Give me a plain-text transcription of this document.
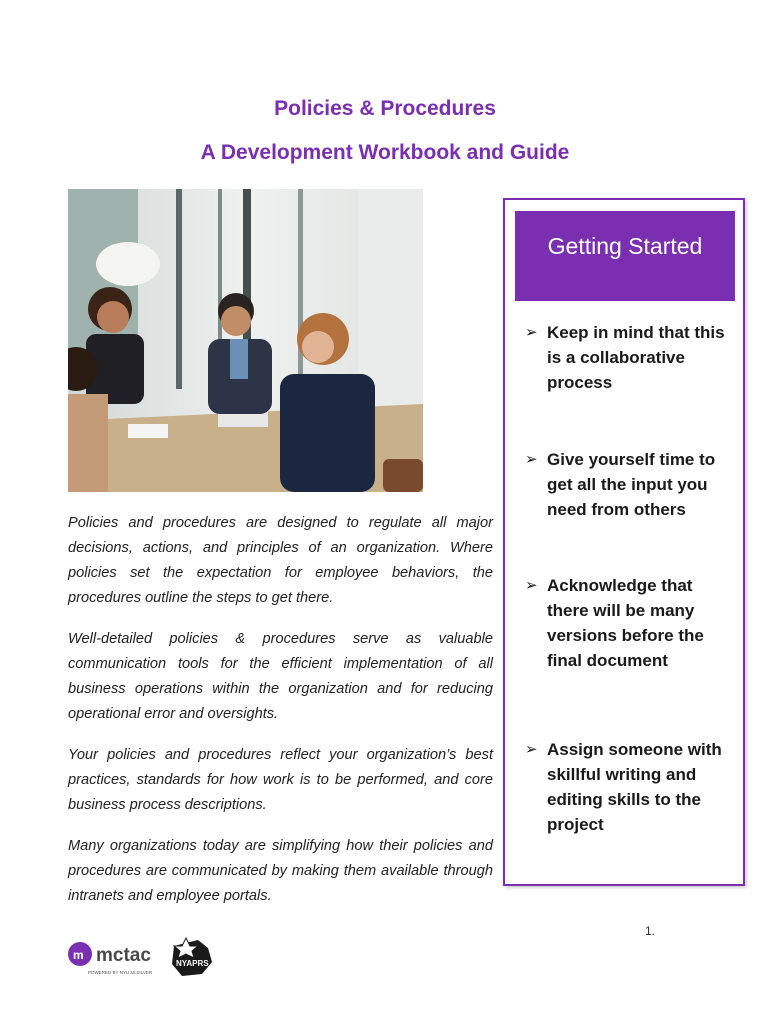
Policies & Procedures
A Development Workbook and Guide
Policies and procedures are designed to regulate all major decisions, actions, and principles of an organization. Where policies set the expectation for employee behaviors, the procedures outline the steps to get there.
Well-detailed policies & procedures serve as valuable communication tools for the efficient implementation of all business operations within the organization and for reducing operational error and oversights.
Your policies and procedures reflect your organization’s best practices, standards for how work is to be performed, and core business process descriptions.
Many organizations today are simplifying how their policies and procedures are communicated by making them available through intranets and employee portals.
Getting Started
➢ Keep in mind that this is a collaborative process
➢ Give yourself time to get all the input you need from others
➢ Acknowledge that there will be many versions before the final document
➢ Assign someone with skillful writing and editing skills to the project
1.
m mctac
POWERED BY NYU McSILVER
NYAPRS
